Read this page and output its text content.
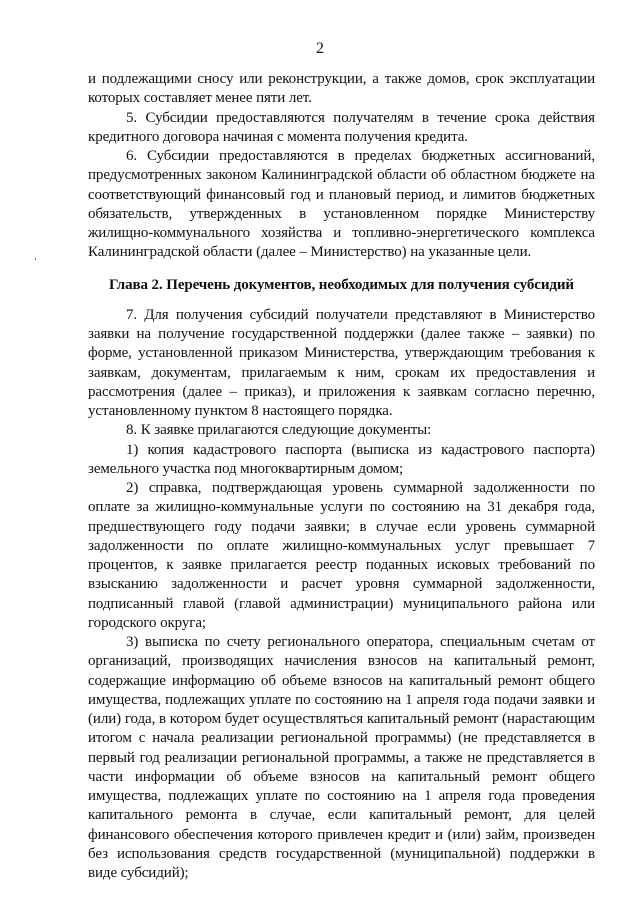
2
‘

и подлежащими сносу или реконструкции, а также домов, срок эксплуатации которых составляет менее пяти лет.

5. Субсидии предоставляются получателям в течение срока действия кредитного договора начиная с момента получения кредита.

6. Субсидии предоставляются в пределах бюджетных ассигнований, предусмотренных законом Калининградской области об областном бюджете на соответствующий финансовый год и плановый период, и лимитов бюджетных обязательств, утвержденных в установленном порядке Министерству жилищно-коммунального хозяйства и топливно-энергетического комплекса Калининградской области (далее – Министерство) на указанные цели.

Глава 2. Перечень документов, необходимых для получения субсидий

7. Для получения субсидий получатели представляют в Министерство заявки на получение государственной поддержки (далее также – заявки) по форме, установленной приказом Министерства, утверждающим требования к заявкам, документам, прилагаемым к ним, срокам их предоставления и рассмотрения (далее – приказ), и приложения к заявкам согласно перечню, установленному пунктом 8 настоящего порядка.

8. К заявке прилагаются следующие документы:

1) копия кадастрового паспорта (выписка из кадастрового паспорта) земельного участка под многоквартирным домом;

2) справка, подтверждающая уровень суммарной задолженности по оплате за жилищно-коммунальные услуги по состоянию на 31 декабря года, предшествующего году подачи заявки; в случае если уровень суммарной задолженности по оплате жилищно-коммунальных услуг превышает 7 процентов, к заявке прилагается реестр поданных исковых требований по взысканию задолженности и расчет уровня суммарной задолженности, подписанный главой (главой администрации) муниципального района или городского округа;

3) выписка по счету регионального оператора, специальным счетам от организаций, производящих начисления взносов на капитальный ремонт, содержащие информацию об объеме взносов на капитальный ремонт общего имущества, подлежащих уплате по состоянию на 1 апреля года подачи заявки и (или) года, в котором будет осуществляться капитальный ремонт (нарастающим итогом с начала реализации региональной программы) (не представляется в первый год реализации региональной программы, а также не представляется в части информации об объеме взносов на капитальный ремонт общего имущества, подлежащих уплате по состоянию на 1 апреля года проведения капитального ремонта в случае, если капитальный ремонт, для целей финансового обеспечения которого привлечен кредит и (или) займ, произведен без использования средств государственной (муниципальной) поддержки в виде субсидий);
